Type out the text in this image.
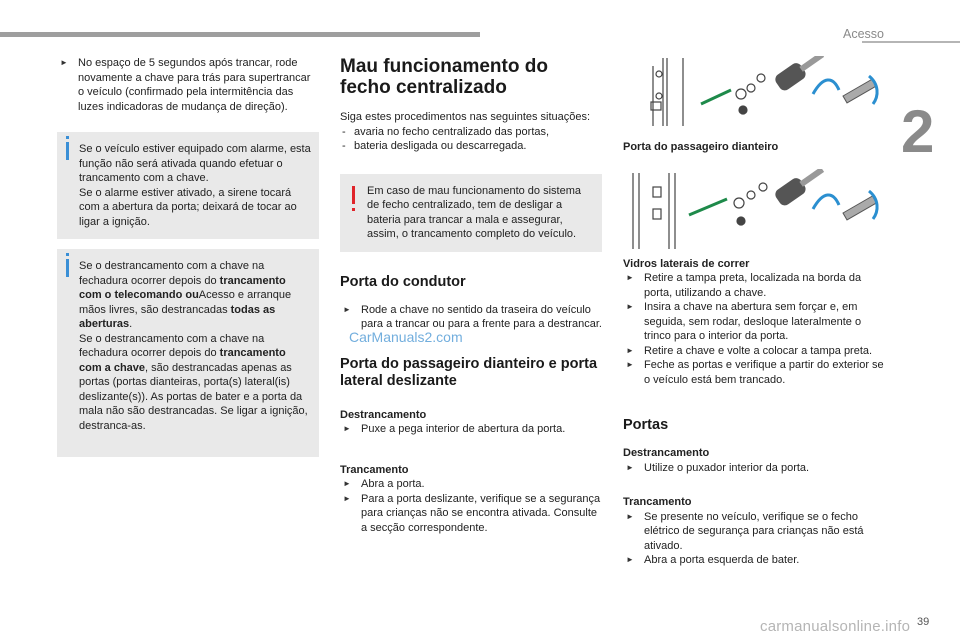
Acesso
2
39

► No espaço de 5 segundos após trancar, rode novamente a chave para trás para supertrancar o veículo (confirmado pela intermitência das luzes indicadoras de mudança de direção).

Se o veículo estiver equipado com alarme, esta função não será ativada quando efetuar o trancamento com a chave.

Se o alarme estiver ativado, a sirene tocará com a abertura da porta; deixará de tocar ao ligar a ignição.

Se o destrancamento com a chave na fechadura ocorrer depois do trancamento com o telecomando ouAcesso e arranque mãos livres, são destrancadas todas as aberturas.

Se o destrancamento com a chave na fechadura ocorrer depois do trancamento com a chave, são destrancadas apenas as portas (portas dianteiras, porta(s) lateral(is) deslizante(s)). As portas de bater e a porta da mala não são destrancadas. Se ligar a ignição, destranca-as.

Mau funcionamento do fecho centralizado

Siga estes procedimentos nas seguintes situações:

- avaria no fecho centralizado das portas,

- bateria desligada ou descarregada.

Em caso de mau funcionamento do sistema de fecho centralizado, tem de desligar a bateria para trancar a mala e assegurar, assim, o trancamento completo do veículo.

Porta do condutor

► Rode a chave no sentido da traseira do veículo para a trancar ou para a frente para a destrancar.

Porta do passageiro dianteiro e porta lateral deslizante

Destrancamento

► Puxe a pega interior de abertura da porta.

Trancamento

► Abra a porta.

► Para a porta deslizante, verifique se a segurança para crianças não se encontra ativada. Consulte a secção correspondente.

CarManuals2.com

Porta do passageiro dianteiro

Vidros laterais de correr

► Retire a tampa preta, localizada na borda da porta, utilizando a chave.

► Insira a chave na abertura sem forçar e, em seguida, sem rodar, desloque lateralmente o trinco para o interior da porta.

► Retire a chave e volte a colocar a tampa preta.

► Feche as portas e verifique a partir do exterior se o veículo está bem trancado.

Portas

Destrancamento

► Utilize o puxador interior da porta.

Trancamento

► Se presente no veículo, verifique se o fecho elétrico de segurança para crianças não está ativado.

► Abra a porta esquerda de bater.

carmanualsonline.info
